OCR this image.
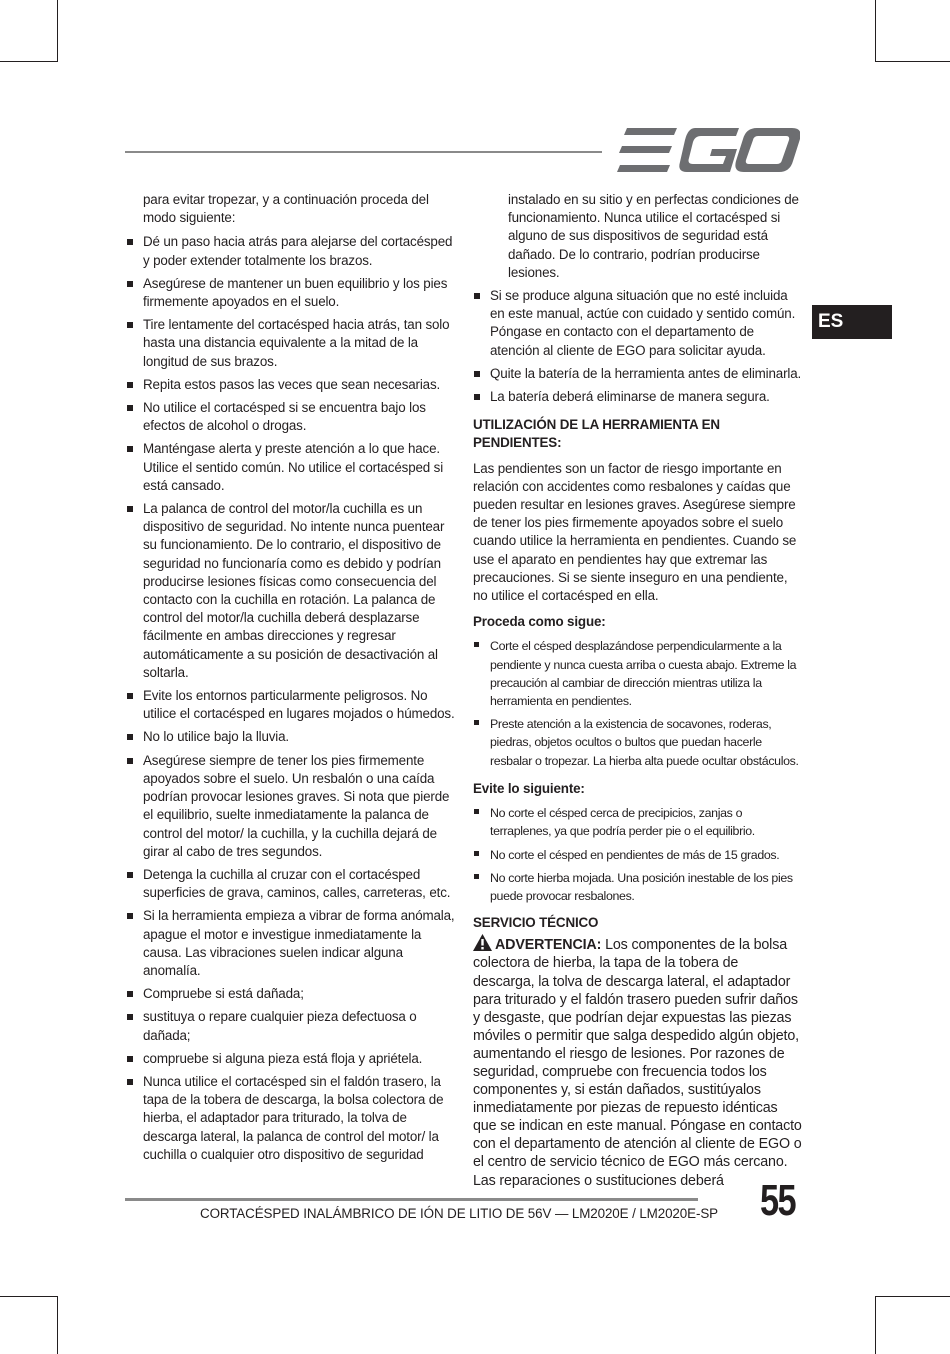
ES

para evitar tropezar, y a continuación proceda del modo siguiente:

Dé un paso hacia atrás para alejarse del cortacésped y poder extender totalmente los brazos.

Asegúrese de mantener un buen equilibrio y los pies firmemente apoyados en el suelo.

Tire lentamente del cortacésped hacia atrás, tan solo hasta una distancia equivalente a la mitad de la longitud de sus brazos.

Repita estos pasos las veces que sean necesarias.

No utilice el cortacésped si se encuentra bajo los efectos de alcohol o drogas.

Manténgase alerta y preste atención a lo que hace. Utilice el sentido común. No utilice el cortacésped si está cansado.

La palanca de control del motor/la cuchilla es un dispositivo de seguridad. No intente nunca puentear su funcionamiento. De lo contrario, el dispositivo de seguridad no funcionaría como es debido y podrían producirse lesiones físicas como consecuencia del contacto con la cuchilla en rotación. La palanca de control del motor/la cuchilla deberá desplazarse fácilmente en ambas direcciones y regresar automáticamente a su posición de desactivación al soltarla.

Evite los entornos particularmente peligrosos. No utilice el cortacésped en lugares mojados o húmedos.

No lo utilice bajo la lluvia.

Asegúrese siempre de tener los pies firmemente apoyados sobre el suelo. Un resbalón o una caída podrían provocar lesiones graves. Si nota que pierde el equilibrio, suelte inmediatamente la palanca de control del motor/ la cuchilla, y la cuchilla dejará de girar al cabo de tres segundos.

Detenga la cuchilla al cruzar con el cortacésped superficies de grava, caminos, calles, carreteras, etc.

Si la herramienta empieza a vibrar de forma anómala, apague el motor e investigue inmediatamente la causa. Las vibraciones suelen indicar alguna anomalía.

Compruebe si está dañada;

sustituya o repare cualquier pieza defectuosa o dañada;

compruebe si alguna pieza está floja y apriétela.

Nunca utilice el cortacésped sin el faldón trasero, la tapa de la tobera de descarga, la bolsa colectora de hierba, el adaptador para triturado, la tolva de descarga lateral, la palanca de control del motor/ la cuchilla o cualquier otro dispositivo de seguridad

instalado en su sitio y en perfectas condiciones de funcionamiento. Nunca utilice el cortacésped si alguno de sus dispositivos de seguridad está dañado. De lo contrario, podrían producirse lesiones.

Si se produce alguna situación que no esté incluida en este manual, actúe con cuidado y sentido común. Póngase en contacto con el departamento de atención al cliente de EGO para solicitar ayuda.

Quite la batería de la herramienta antes de eliminarla.

La batería deberá eliminarse de manera segura.

UTILIZACIÓN DE LA HERRAMIENTA EN PENDIENTES:

Las pendientes son un factor de riesgo importante en relación con accidentes como resbalones y caídas que pueden resultar en lesiones graves. Asegúrese siempre de tener los pies firmemente apoyados sobre el suelo cuando utilice la herramienta en pendientes. Cuando se use el aparato en pendientes hay que extremar las precauciones. Si se siente inseguro en una pendiente, no utilice el cortacésped en ella.

Proceda como sigue:

Corte el césped desplazándose perpendicularmente a la pendiente y nunca cuesta arriba o cuesta abajo. Extreme la precaución al cambiar de dirección mientras utiliza la herramienta en pendientes.

Preste atención a la existencia de socavones, roderas, piedras, objetos ocultos o bultos que puedan hacerle resbalar o tropezar. La hierba alta puede ocultar obstáculos.

Evite lo siguiente:

No corte el césped cerca de precipicios, zanjas o terraplenes, ya que podría perder pie o el equilibrio.

No corte el césped en pendientes de más de 15 grados.

No corte hierba mojada. Una posición inestable de los pies puede provocar resbalones.

SERVICIO TÉCNICO

ADVERTENCIA: Los componentes de la bolsa colectora de hierba, la tapa de la tobera de descarga, la tolva de descarga lateral, el adaptador para triturado y el faldón trasero pueden sufrir daños y desgaste, que podrían dejar expuestas las piezas móviles o permitir que salga despedido algún objeto, aumentando el riesgo de lesiones. Por razones de seguridad, compruebe con frecuencia todos los componentes y, si están dañados, sustitúyalos inmediatamente por piezas de repuesto idénticas que se indican en este manual. Póngase en contacto con el departamento de atención al cliente de EGO o el centro de servicio técnico de EGO más cercano. Las reparaciones o sustituciones deberá

CORTACÉSPED INALÁMBRICO DE IÓN DE LITIO DE 56V — LM2020E / LM2020E-SP 55
